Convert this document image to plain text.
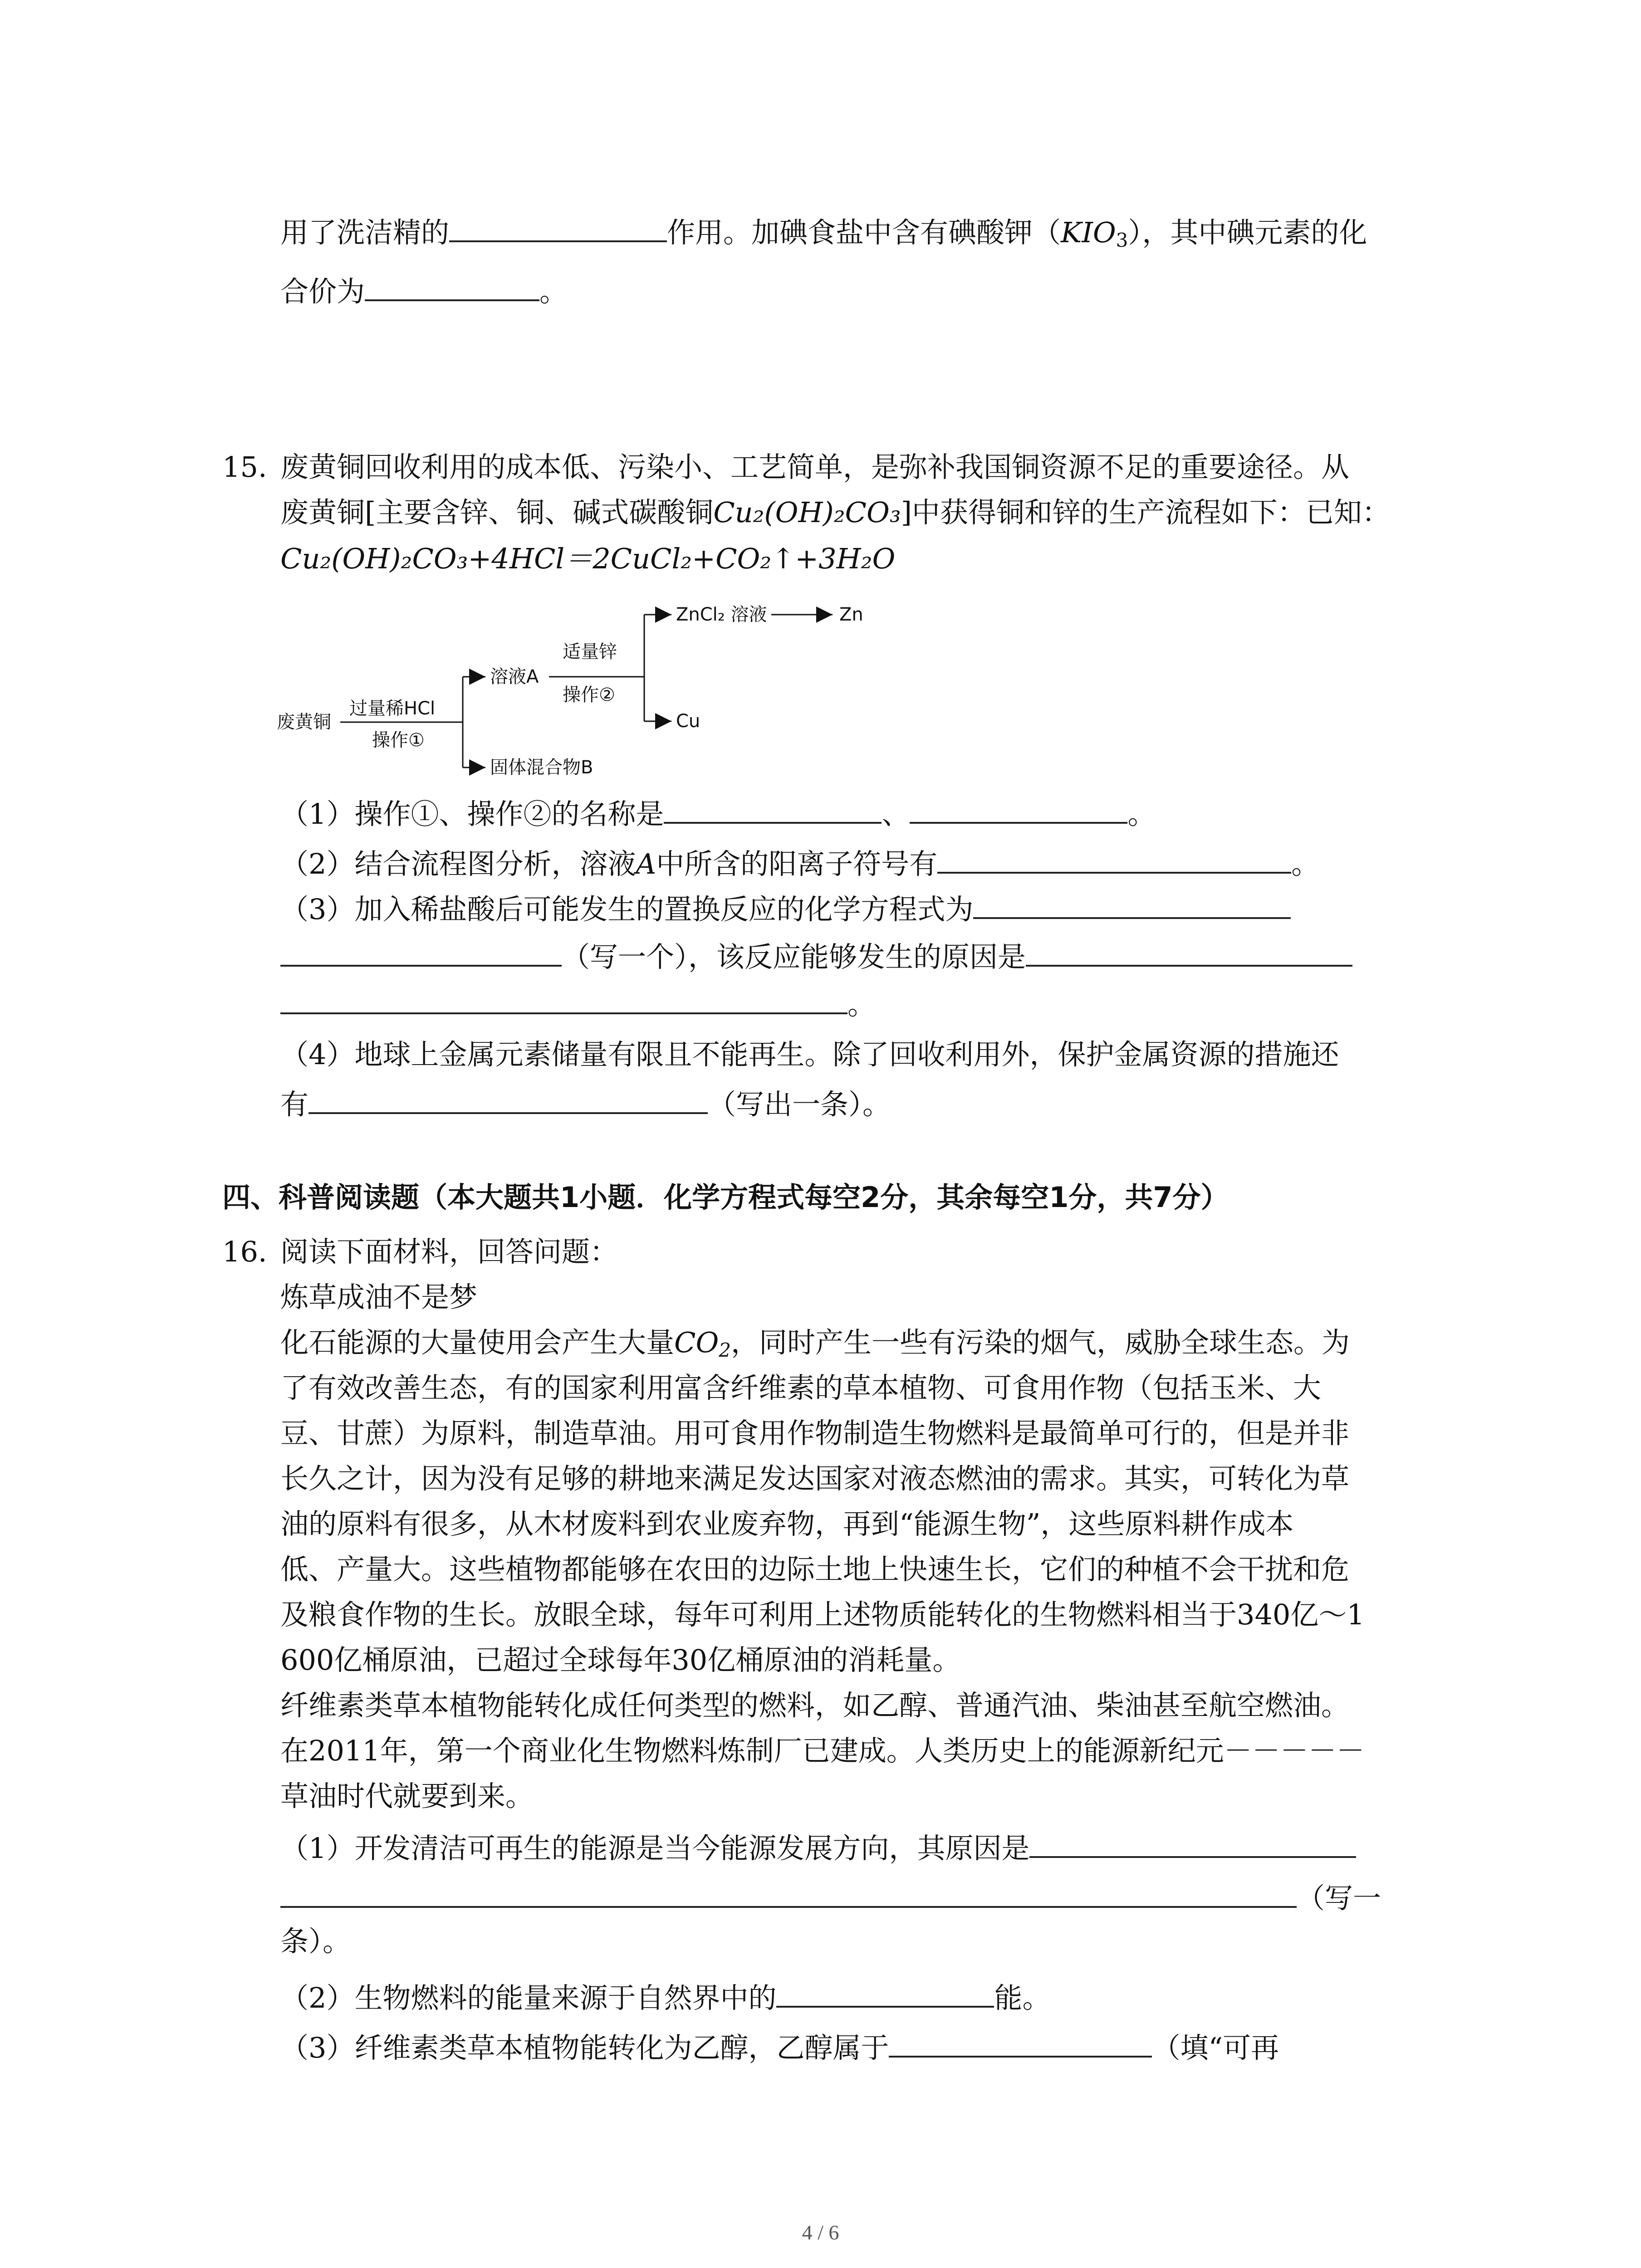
用了洗洁精的	作用。加碘食盐中含有碘酸钾$(KIO_3)$，其中碘元素的化
合价为	。
15. 废黄铜回收利用的成本低、污染小、工艺简单，是弥补我国铜资源不足的重要途径。从
废黄铜[主要含锌、铜、碱式碳酸铜Cu₂(OH)₂CO₃]中获得铜和锌的生产流程如下：已知：
Cu₂(OH)₂CO₃+4HCl＝2CuCl₂+CO₂↑+3H₂O
废黄铜
过量稀HCl
操作①
溶液A
固体混合物B
适量锌
操作②
ZnCl₂ 溶液	Zn
Cu
（1）操作①、操作②的名称是	、	。
（2）结合流程图分析，溶液A中所含的阳离子符号有	。
（3）加入稀盐酸后可能发生的置换反应的化学方程式为
（写一个），该反应能够发生的原因是
。
（4）地球上金属元素储量有限且不能再生。除了回收利用外，保护金属资源的措施还
有	（写出一条）。
四、科普阅读题（本大题共1小题．化学方程式每空2分，其余每空1分，共7分）
16. 阅读下面材料，回答问题：
炼草成油不是梦
化石能源的大量使用会产生大量$CO_2$，同时产生一些有污染的烟气，威胁全球生态。为
了有效改善生态，有的国家利用富含纤维素的草本植物、可食用作物（包括玉米、大
豆、甘蔗）为原料，制造草油。用可食用作物制造生物燃料是最简单可行的，但是并非
长久之计，因为没有足够的耕地来满足发达国家对液态燃油的需求。其实，可转化为草
油的原料有很多，从木材废料到农业废弃物，再到“能源生物”，这些原料耕作成本
低、产量大。这些植物都能够在农田的边际土地上快速生长，它们的种植不会干扰和危
及粮食作物的生长。放眼全球，每年可利用上述物质能转化的生物燃料相当于340亿～1
600亿桶原油，已超过全球每年30亿桶原油的消耗量。
纤维素类草本植物能转化成任何类型的燃料，如乙醇、普通汽油、柴油甚至航空燃油。
在2011年，第一个商业化生物燃料炼制厂已建成。人类历史上的能源新纪元－－－－－
草油时代就要到来。
（1）开发清洁可再生的能源是当今能源发展方向，其原因是
（写一
条）。
（2）生物燃料的能量来源于自然界中的	能。
（3）纤维素类草本植物能转化为乙醇，乙醇属于	（填“可再
4 / 6
